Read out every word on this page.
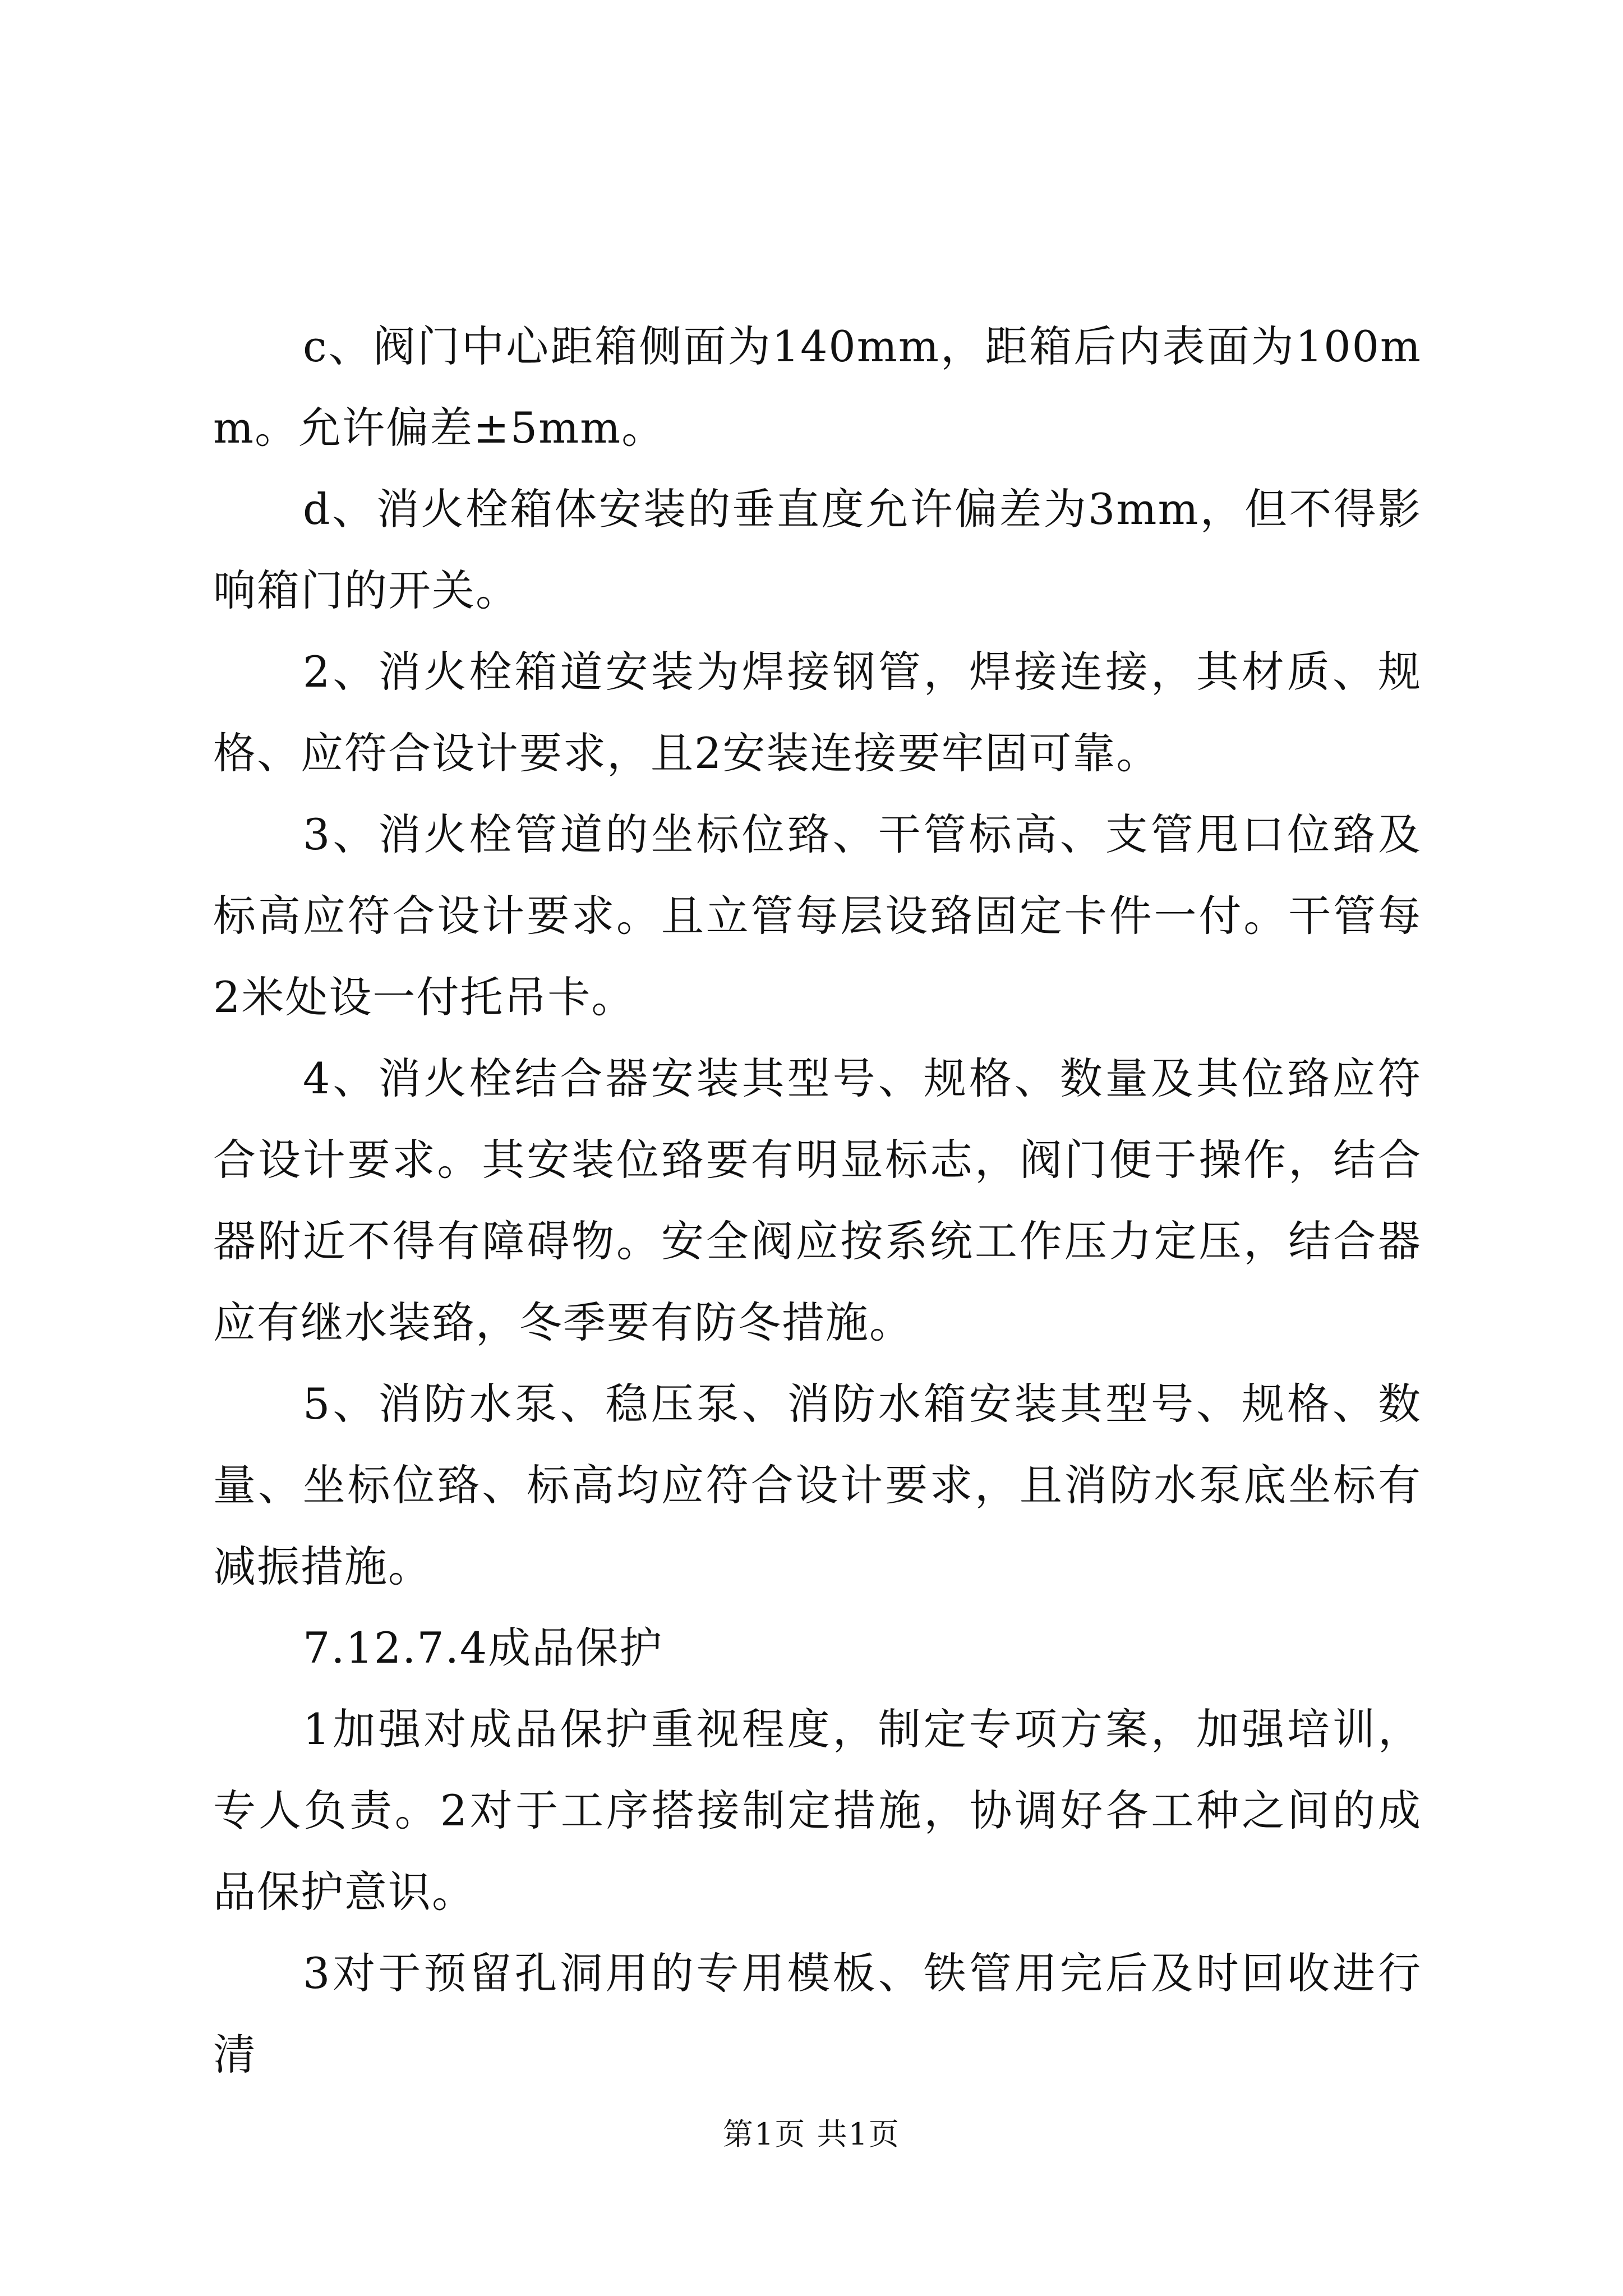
c、阀门中心距箱侧面为140mm，距箱后内表面为100mm。允许偏差±5mm。

d、消火栓箱体安装的垂直度允许偏差为3mm，但不得影响箱门的开关。

2、消火栓箱道安装为焊接钢管，焊接连接，其材质、规格、应符合设计要求，且2安装连接要牢固可靠。

3、消火栓管道的坐标位臵、干管标高、支管甩口位臵及标高应符合设计要求。且立管每层设臵固定卡件一付。干管每2米处设一付托吊卡。

4、消火栓结合器安装其型号、规格、数量及其位臵应符合设计要求。其安装位臵要有明显标志，阀门便于操作，结合器附近不得有障碍物。安全阀应按系统工作压力定压，结合器应有继水装臵，冬季要有防冬措施。

5、消防水泵、稳压泵、消防水箱安装其型号、规格、数量、坐标位臵、标高均应符合设计要求，且消防水泵底坐标有减振措施。

7.12.7.4成品保护

1加强对成品保护重视程度，制定专项方案，加强培训，专人负责。2对于工序搭接制定措施，协调好各工种之间的成品保护意识。

3对于预留孔洞用的专用模板、铁管用完后及时回收进行清

第1页 共1页
